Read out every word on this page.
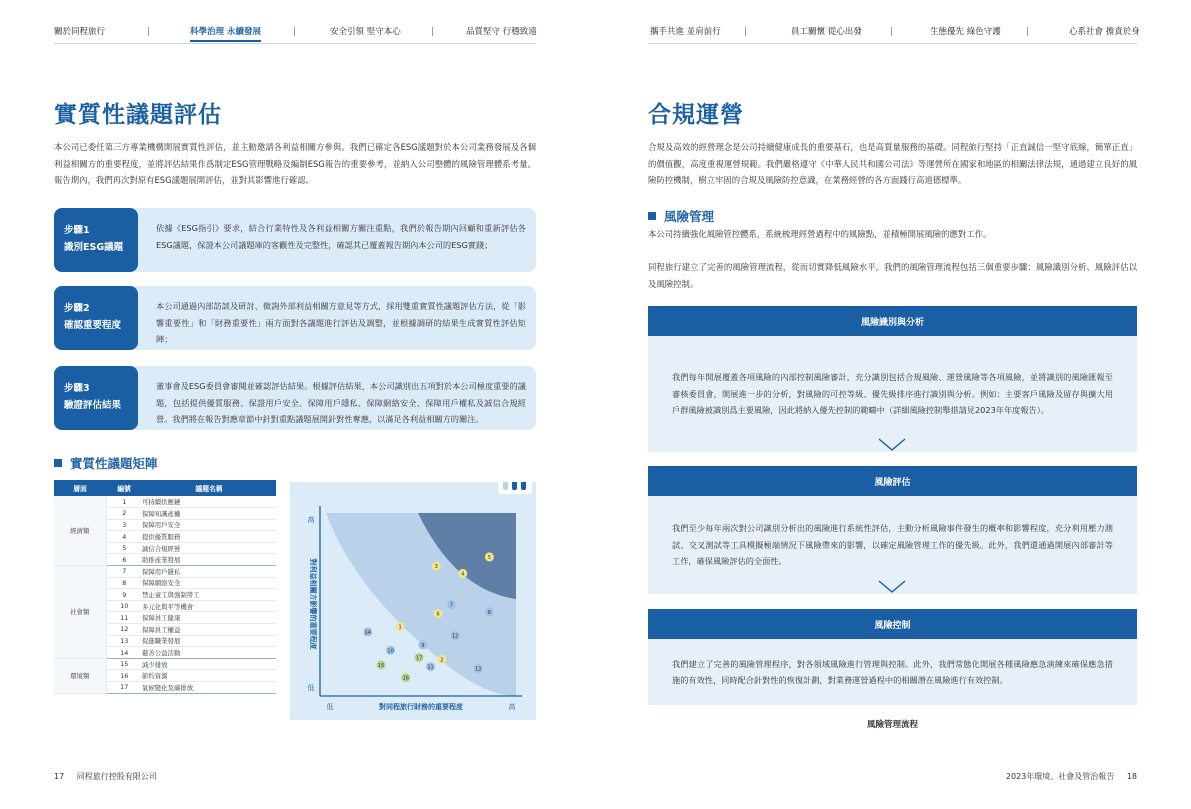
關於同程旅行	科學治理 永續發展	安全引領 堅守本心	品質堅守 行穩致遠	攜手共進 並肩前行	員工關懷 從心出發	生態優先 綠色守護	心系社會 擔責於身
實質性議題評估
本公司已委任第三方專業機構開展實質性評估，並主動邀請各利益相關方參與。我們已確定各ESG議題對於本公司業務發展及各個利益相關方的重要程度，並將評估結果作爲制定ESG管理戰略及編制ESG報告的重要參考，並納入公司整體的風險管理體系考量。報告期內，我們再次對原有ESG議題展開評估，並對其影響進行確認。
步驟1
識別ESG議題
依據《ESG指引》要求，結合行業特性及各利益相關方關注重點，我們於報告期內回顧和重新評估各ESG議題，保證本公司議題庫的客觀性及完整性，確認其已覆蓋報告期內本公司的ESG實踐；
步驟2
確認重要程度
本公司通過內部訪談及研討、徵詢外部利益相關方意見等方式，採用雙重實質性議題評估方法，從「影響重要性」和「財務重要性」兩方面對各議題進行評估及調整，並根據調研的結果生成實質性評估矩陣；
步驟3
驗證評估結果
董事會及ESG委員會審閱並確認評估結果。根據評估結果，本公司識別出五項對於本公司極度重要的議題，包括提供優質服務、保證用戶安全、保障用戶隱私、保障網絡安全、保障用戶權私及誠信合規經營。我們將在報告對應章節中針對重點議題展開針對性奪應，以滿足各利益相關方的關注。
實質性議題矩陣
層面	編號	議題名稱
經濟類	1	可持續供應鏈
	2	保障知識產權
	3	保障用戶安全
	4	提供優質服務
	5	誠信合規經營
	6	助推產業發展
社會類	7	保障用戶隱私
	8	保障網絡安全
	9	禁止童工與強制勞工
	10	多元化與平等機會
	11	保障員工健康
	12	保障員工權益
	13	促進職業發展
	14	慈善公益活動
環境類	15	減少排放
	16	節約資源
	17	氣候變化及碳排放
高
低
低	高
對同程旅行財務的重要程度
對利益相關方影響的重要程度	1
2
3
4
5
6
7
8
9
10
11
12
13
14
15
16
17
合規運營
合規及高效的經營理念是公司持續健康成長的重要基石，也是高質量服務的基礎。同程旅行堅持「正直誠信一堅守底線，簡單正直」的價值觀，高度重視運營規範。我們嚴格遵守《中華人民共和國公司法》等運營所在國家和地區的相關法律法規，通過建立良好的風險防控機制，樹立牢固的合規及風險防控意識，在業務經營的各方面踐行高道德標準。
風險管理
本公司持續強化風險管控體系，系統梳理經營過程中的風險點，並積極開展風險的應對工作。
同程旅行建立了完善的風險管理流程，從而切實降低風險水平。我們的風險管理流程包括三個重要步驟：風險識別分析、風險評估以及風險控制。
風險識別與分析
我們每年開展覆蓋各項風險的內部控制風險審計，充分識別包括合規風險、運營風險等各項風險，並將識別的風險匯報至審核委員會，開展進一步的分析，對風險的可控等級、優先級排序進行識別與分析。例如：主要客戶風險及留存與擴大用戶群風險被識別爲主要風險，因此將納入優先控制的範疇中（詳細風險控制舉措請見2023年年度報告）。
風險評估
我們至少每年兩次對公司識別分析出的風險進行系統性評估，主動分析風險事件發生的概率和影響程度，充分利用壓力測試、交叉測試等工具模擬極端情況下風險帶來的影響，以確定風險管理工作的優先級。此外，我們還通過開展內部審計等工作，確保風險評估的全面性。
風險控制
我們建立了完善的風險管理程序，對各領域風險進行管理與控制。此外，我們常態化開展各種風險應急演練來確保應急措施的有效性，同時配合針對性的恢復計劃，對業務運營過程中的相關潛在風險進行有效控制。
風險管理流程
17 同程旅行控股有限公司	2023年環境、社會及管治報告 18
